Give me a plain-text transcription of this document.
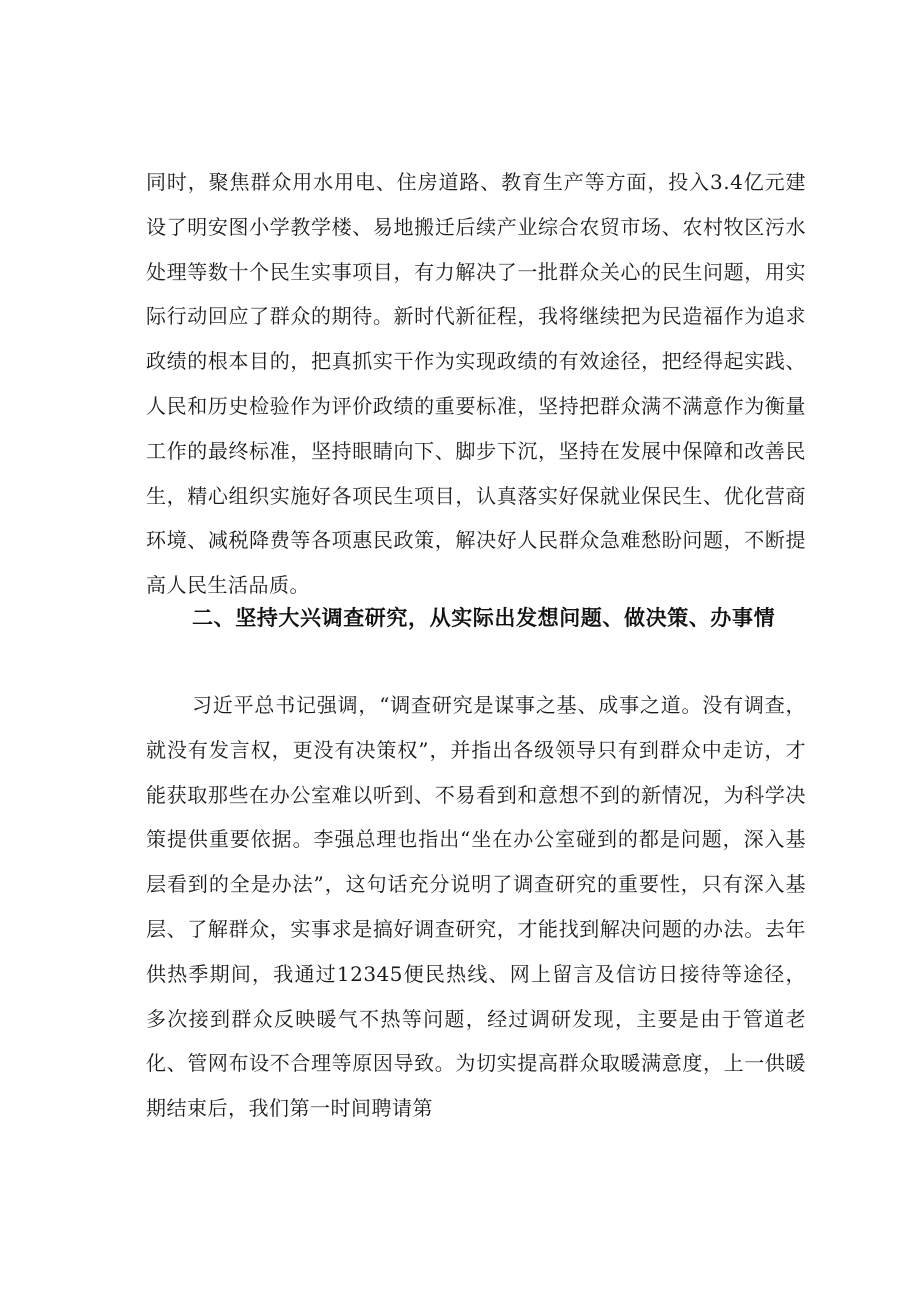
同时，聚焦群众用水用电、住房道路、教育生产等方面，投入3.4亿元建设了明安图小学教学楼、易地搬迁后续产业综合农贸市场、农村牧区污水处理等数十个民生实事项目，有力解决了一批群众关心的民生问题，用实际行动回应了群众的期待。新时代新征程，我将继续把为民造福作为追求政绩的根本目的，把真抓实干作为实现政绩的有效途径，把经得起实践、人民和历史检验作为评价政绩的重要标准，坚持把群众满不满意作为衡量工作的最终标准，坚持眼睛向下、脚步下沉，坚持在发展中保障和改善民生，精心组织实施好各项民生项目，认真落实好保就业保民生、优化营商环境、减税降费等各项惠民政策，解决好人民群众急难愁盼问题，不断提高人民生活品质。

二、坚持大兴调查研究，从实际出发想问题、做决策、办事情

习近平总书记强调，“调查研究是谋事之基、成事之道。没有调查，就没有发言权，更没有决策权”，并指出各级领导只有到群众中走访，才能获取那些在办公室难以听到、不易看到和意想不到的新情况，为科学决策提供重要依据。李强总理也指出“坐在办公室碰到的都是问题，深入基层看到的全是办法”，这句话充分说明了调查研究的重要性，只有深入基层、了解群众，实事求是搞好调查研究，才能找到解决问题的办法。去年供热季期间，我通过12345便民热线、网上留言及信访日接待等途径，多次接到群众反映暖气不热等问题，经过调研发现，主要是由于管道老化、管网布设不合理等原因导致。为切实提高群众取暖满意度，上一供暖期结束后，我们第一时间聘请第
